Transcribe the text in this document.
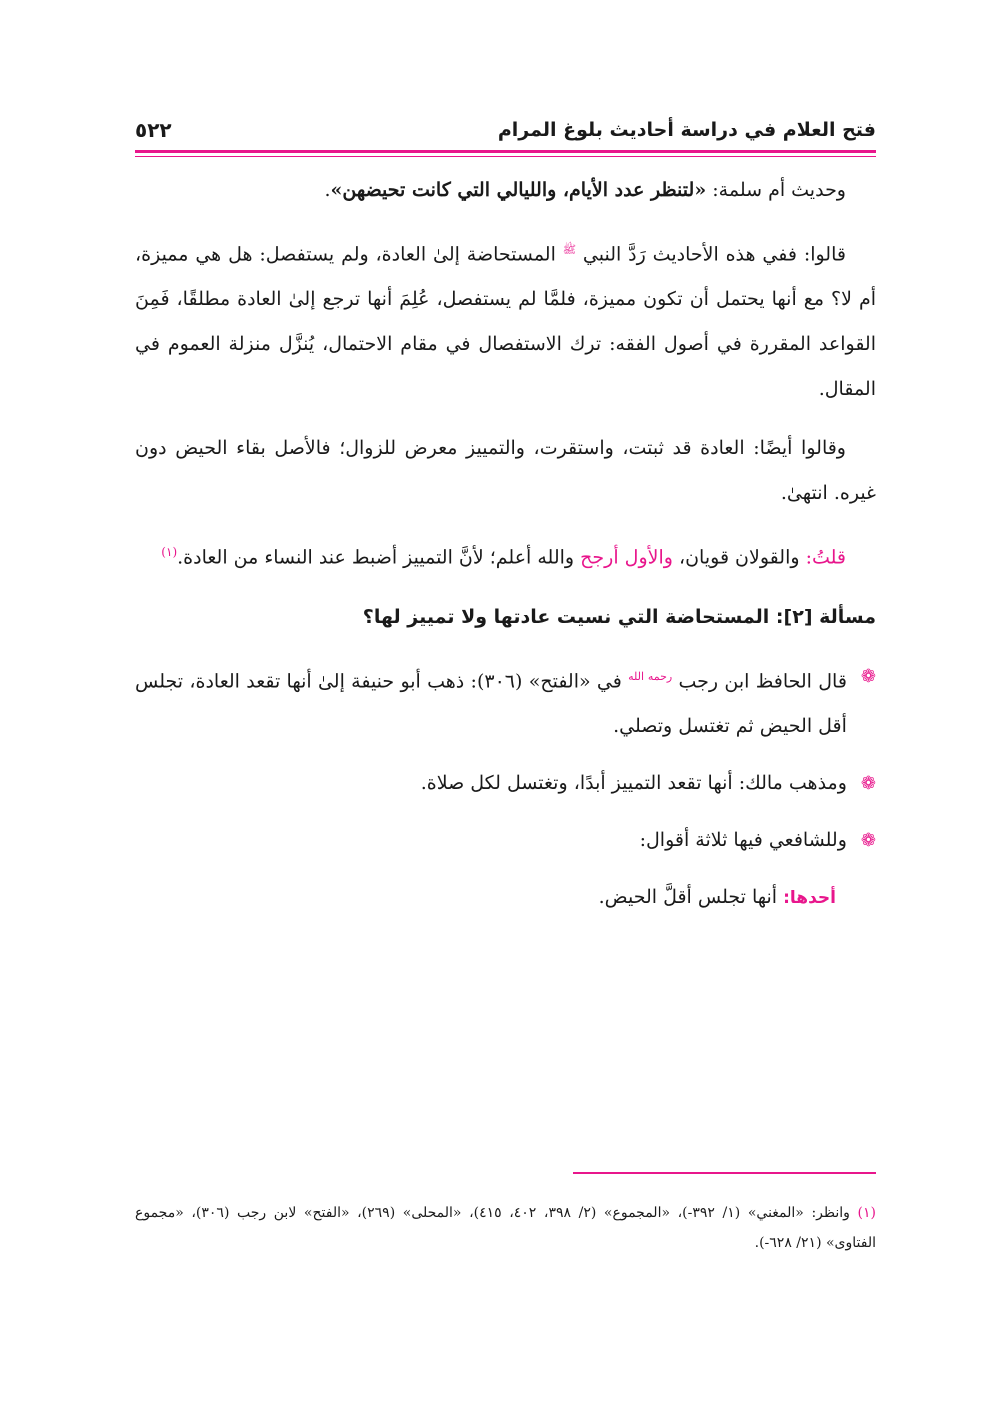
فتح العلام في دراسة أحاديث بلوغ المرام
٥٢٢

وحديث أم سلمة: «لتنظر عدد الأيام، والليالي التي كانت تحيضهن».

قالوا: ففي هذه الأحاديث رَدَّ النبي $^ﷺ$ المستحاضة إلىٰ العادة، ولم يستفصل: هل هي مميزة، أم لا؟ مع أنها يحتمل أن تكون مميزة، فلمَّا لم يستفصل، عُلِمَ أنها ترجع إلىٰ العادة مطلقًا، فَمِنَ القواعد المقررة في أصول الفقه: ترك الاستفصال في مقام الاحتمال، يُنزَّل منزلة العموم في المقال.

وقالوا أيضًا: العادة قد ثبتت، واستقرت، والتمييز معرض للزوال؛ فالأصل بقاء الحيض دون غيره. انتهىٰ.

قلتُ: والقولان قويان، والأول أرجح والله أعلم؛ لأنَّ التمييز أضبط عند النساء من العادة.$^{(١)}$

مسألة [٢]: المستحاضة التي نسيت عادتها ولا تمييز لها؟
❁
قال الحافظ ابن رجب $^{رحمه الله}$ في «الفتح» (٣٠٦): ذهب أبو حنيفة إلىٰ أنها تقعد العادة، تجلس أقل الحيض ثم تغتسل وتصلي.
❁
ومذهب مالك: أنها تقعد التمييز أبدًا، وتغتسل لكل صلاة.
❁
وللشافعي فيها ثلاثة أقوال:
أحدها: أنها تجلس أقلَّ الحيض.
(١) وانظر: «المغني» (١/ ٣٩٢-)، «المجموع» (٢/ ٣٩٨، ٤٠٢، ٤١٥)، «المحلى» (٢٦٩)، «الفتح» لابن رجب (٣٠٦)، «مجموع الفتاوى» (٢١/ ٦٢٨-).
